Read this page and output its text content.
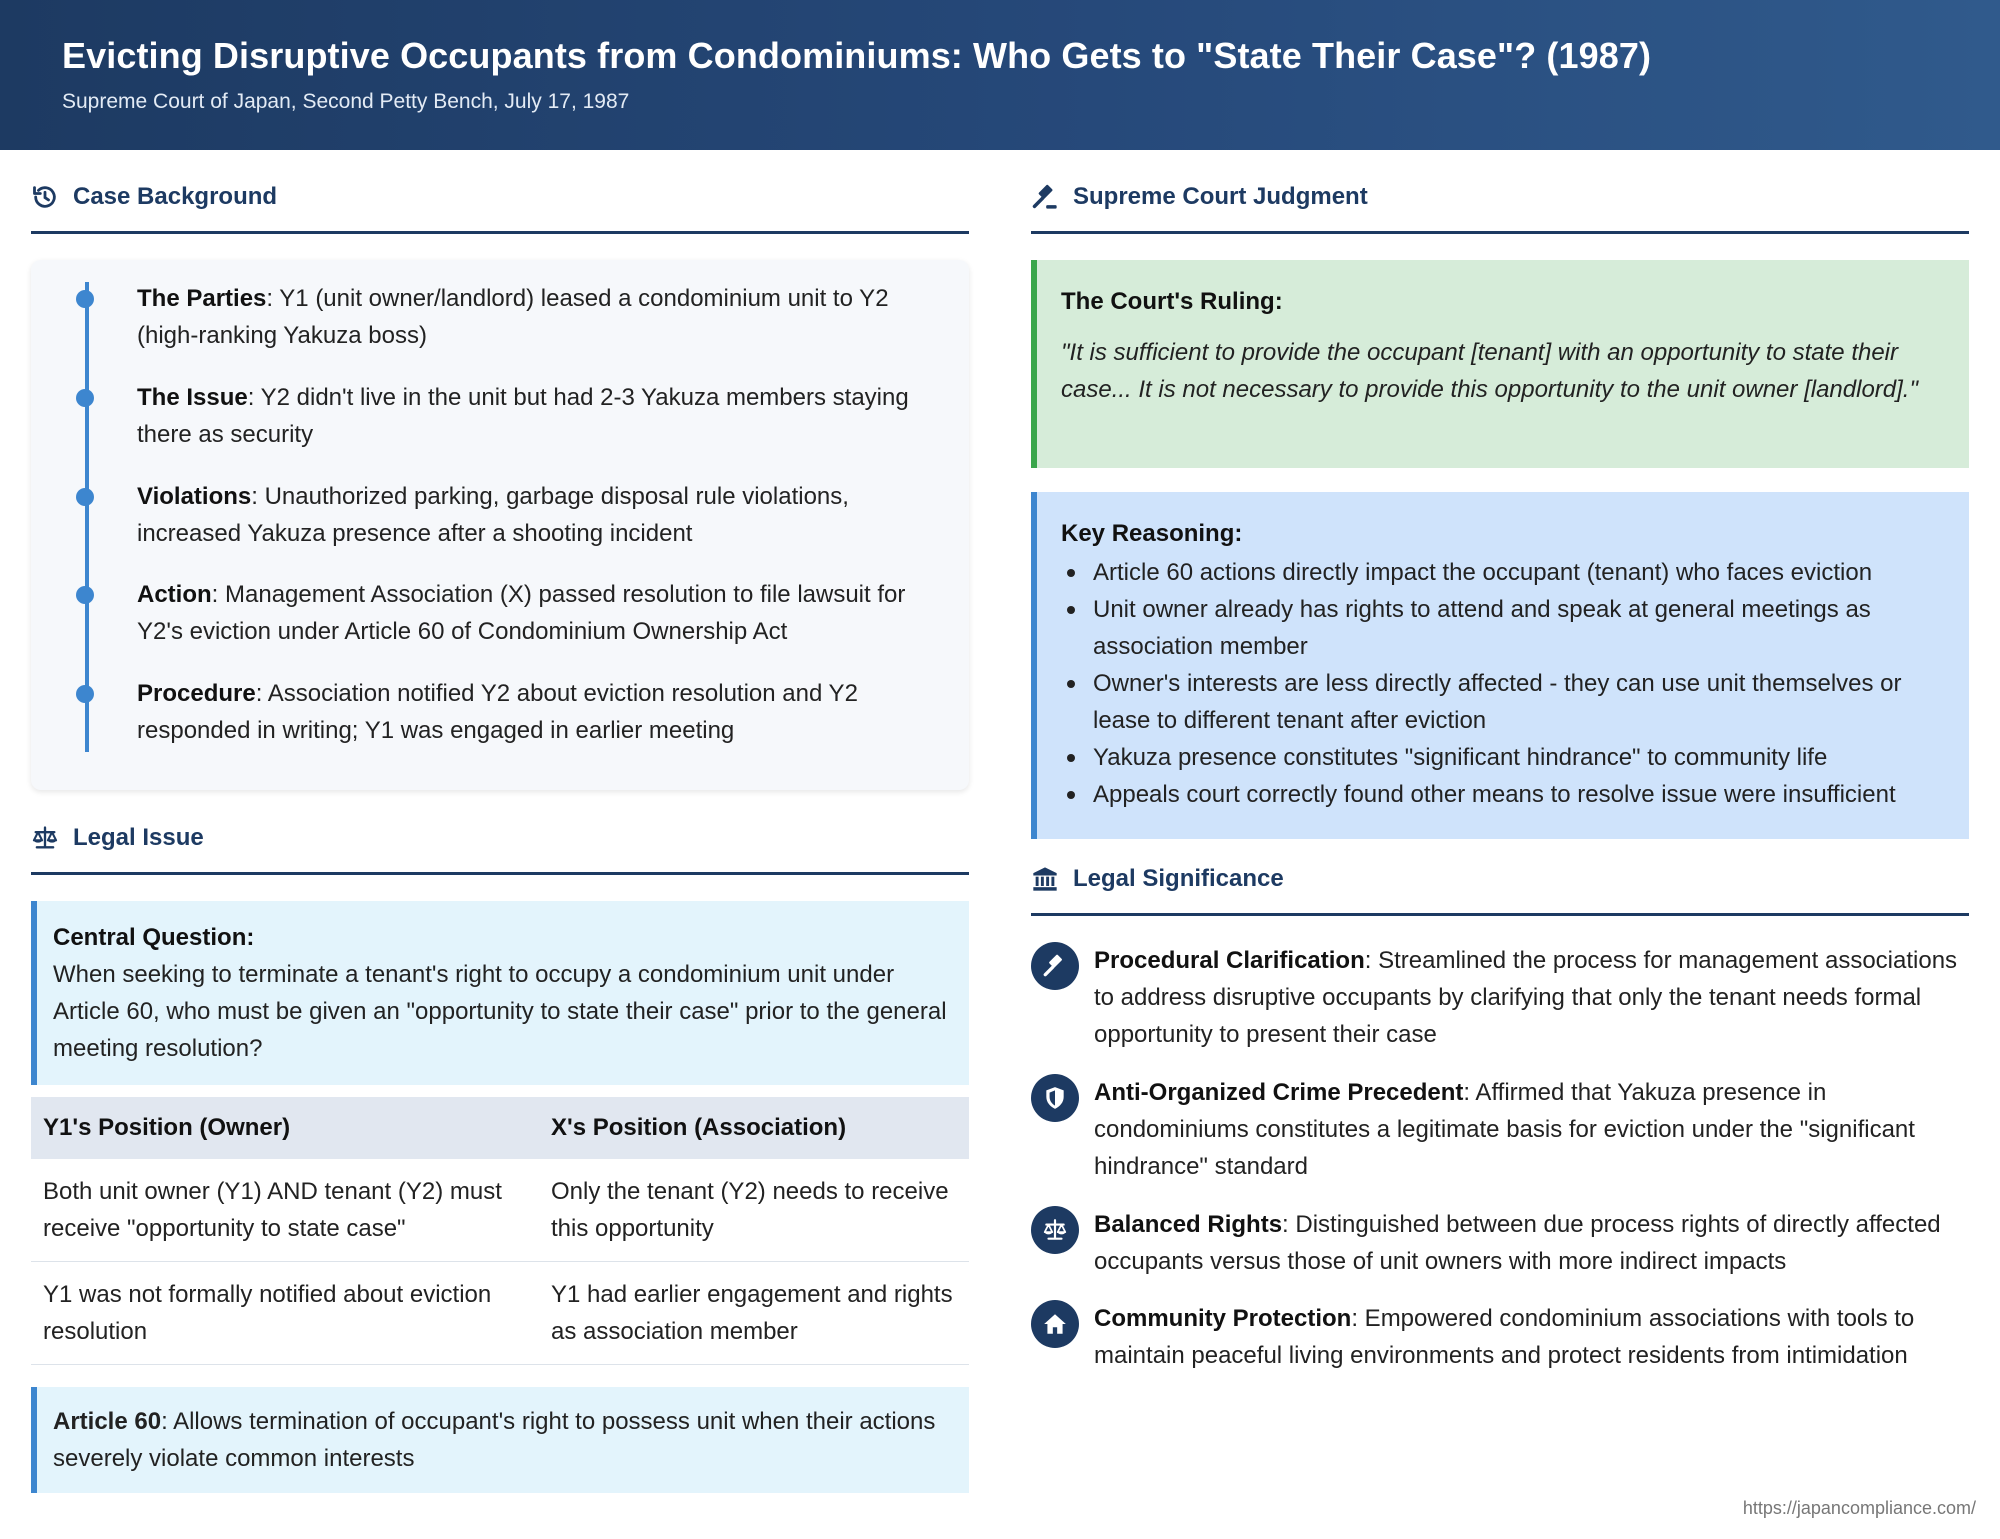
Evicting Disruptive Occupants from Condominiums: Who Gets to "State Their Case"? (1987)
Supreme Court of Japan, Second Petty Bench, July 17, 1987
Case Background
The Parties: Y1 (unit owner/landlord) leased a condominium unit to Y2 (high-ranking Yakuza boss)
The Issue: Y2 didn't live in the unit but had 2-3 Yakuza members staying there as security
Violations: Unauthorized parking, garbage disposal rule violations, increased Yakuza presence after a shooting incident
Action: Management Association (X) passed resolution to file lawsuit for Y2's eviction under Article 60 of Condominium Ownership Act
Procedure: Association notified Y2 about eviction resolution and Y2 responded in writing; Y1 was engaged in earlier meeting
Legal Issue
Central Question:
When seeking to terminate a tenant's right to occupy a condominium unit under Article 60, who must be given an "opportunity to state their case" prior to the general meeting resolution?
Y1's Position (Owner)	X's Position (Association)
Both unit owner (Y1) AND tenant (Y2) must receive "opportunity to state case"	Only the tenant (Y2) needs to receive this opportunity
Y1 was not formally notified about eviction resolution	Y1 had earlier engagement and rights as association member
Article 60: Allows termination of occupant's right to possess unit when their actions severely violate common interests
Supreme Court Judgment
The Court's Ruling:
"It is sufficient to provide the occupant [tenant] with an opportunity to state their case... It is not necessary to provide this opportunity to the unit owner [landlord]."
Key Reasoning:
Article 60 actions directly impact the occupant (tenant) who faces eviction
Unit owner already has rights to attend and speak at general meetings as association member
Owner's interests are less directly affected - they can use unit themselves or lease to different tenant after eviction
Yakuza presence constitutes "significant hindrance" to community life
Appeals court correctly found other means to resolve issue were insufficient
Legal Significance
Procedural Clarification: Streamlined the process for management associations to address disruptive occupants by clarifying that only the tenant needs formal opportunity to present their case
Anti-Organized Crime Precedent: Affirmed that Yakuza presence in condominiums constitutes a legitimate basis for eviction under the "significant hindrance" standard
Balanced Rights: Distinguished between due process rights of directly affected occupants versus those of unit owners with more indirect impacts
Community Protection: Empowered condominium associations with tools to maintain peaceful living environments and protect residents from intimidation
https://japancompliance.com/
